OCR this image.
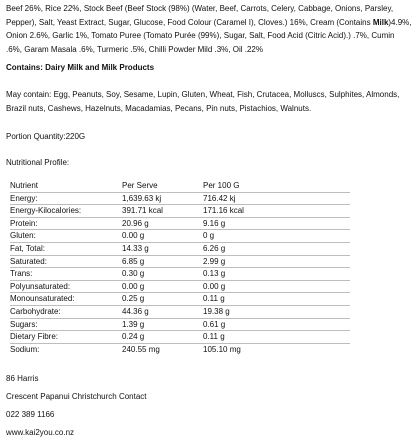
Beef 26%, Rice 22%, Stock Beef (Beef Stock (98%) (Water, Beef, Carrots, Celery, Cabbage, Onions, Parsley, Pepper), Salt, Yeast Extract, Sugar, Glucose, Food Colour (Caramel I), Cloves.) 16%, Cream (Contains Milk)4.9%, Onion 2.6%, Garlic 1%, Tomato Puree (Tomato Purée (99%), Sugar, Salt, Food Acid (Citric Acid).) .7%, Cumin .6%, Garam Masala .6%, Turmeric .5%, Chilli Powder Mild .3%, Oil .22%

Contains: Dairy Milk and Milk Products

May contain: Egg, Peanuts, Soy, Sesame, Lupin, Gluten, Wheat, Fish, Crutacea, Molluscs, Sulphites, Almonds, Brazil nuts, Cashews, Hazelnuts, Macadamias, Pecans, Pin nuts, Pistachios, Walnuts.

Portion Quantity:220G

Nutritional Profile:

Nutrient	Per Serve	Per 100 G
Energy:	1,639.63 kj	716.42 kj
Energy-Kilocalories:	391.71 kcal	171.16 kcal
Protein:	20.96 g	9.16 g
Gluten:	0.00 g	0 g
Fat, Total:	14.33 g	6.26 g
Saturated:	6.85 g	2.99 g
Trans:	0.30 g	0.13 g
Polyunsaturated:	0.00 g	0.00 g
Monounsaturated:	0.25 g	0.11 g
Carbohydrate:	44.36 g	19.38 g
Sugars:	1.39 g	0.61 g
Dietary Fibre:	0.24 g	0.11 g
Sodium:	240.55 mg	105.10 mg

86 Harris

Crescent Papanui Christchurch Contact

022 389 1166

www.kai2you.co.nz
